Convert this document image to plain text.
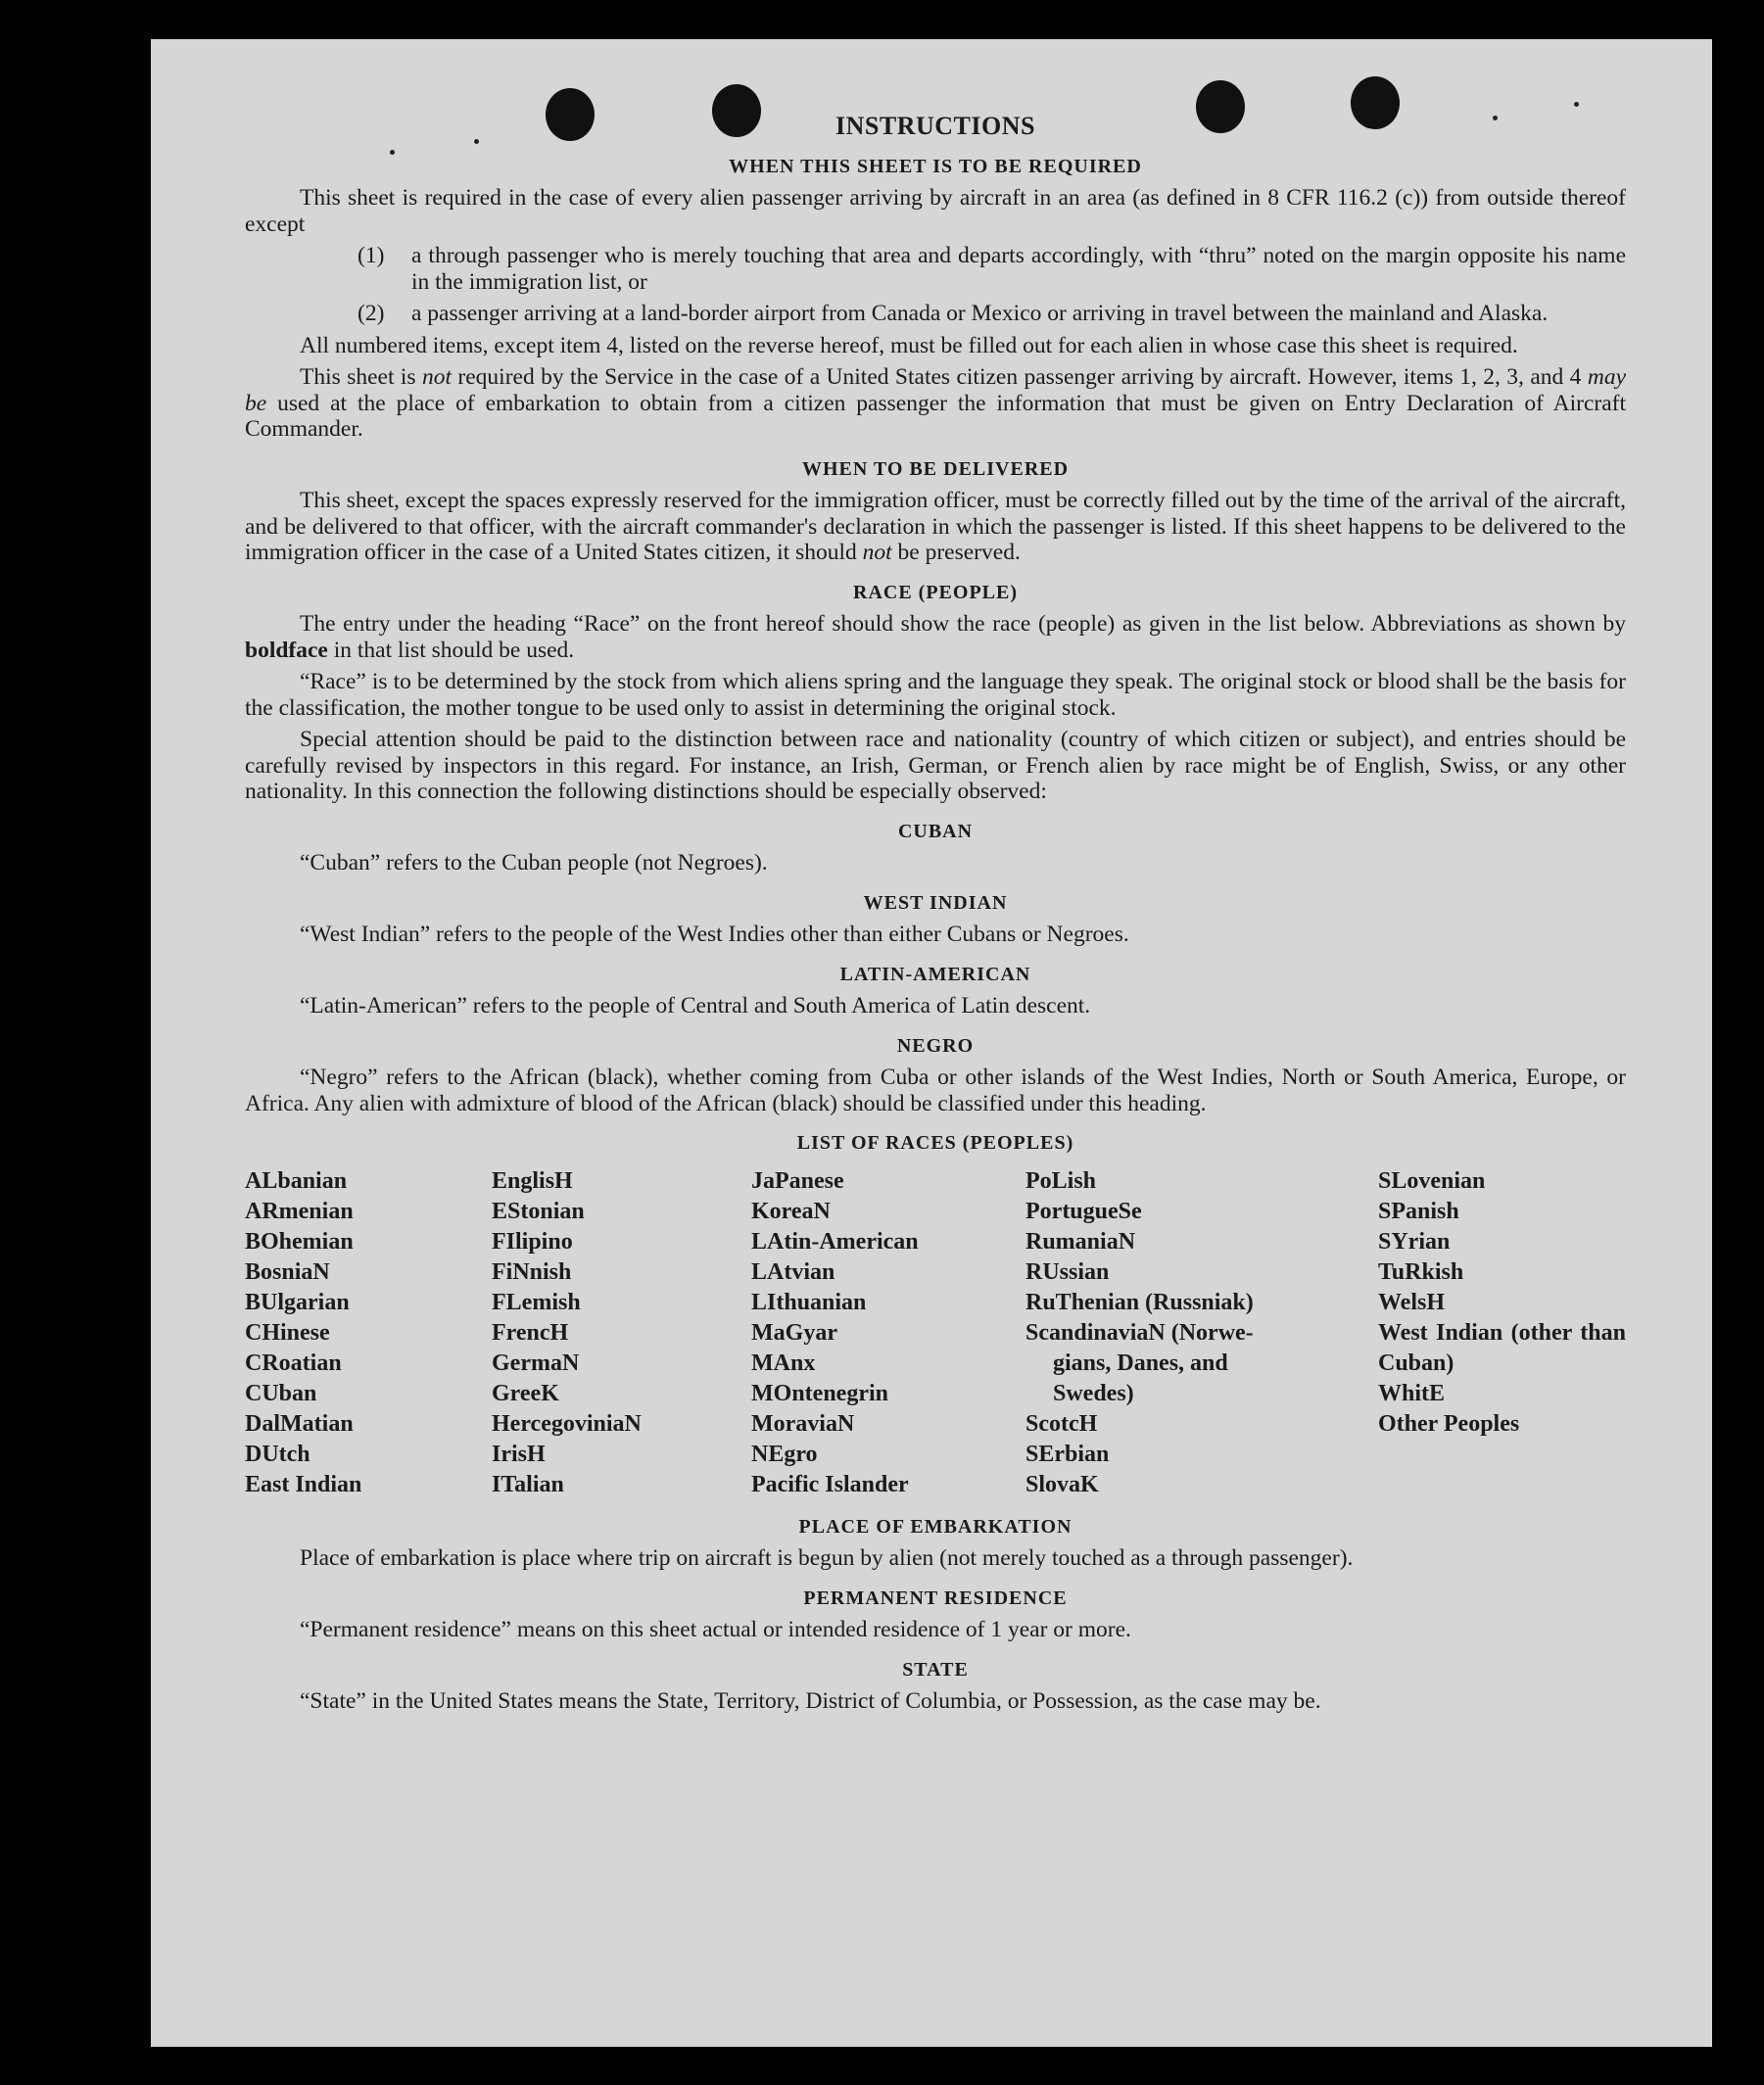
INSTRUCTIONS
WHEN THIS SHEET IS TO BE REQUIRED

This sheet is required in the case of every alien passenger arriving by aircraft in an area (as defined in 8 CFR 116.2 (c)) from outside thereof except

(1)	a through passenger who is merely touching that area and departs accordingly, with “thru” noted on the margin opposite his name in the immigration list, or
(2)	a passenger arriving at a land-border airport from Canada or Mexico or arriving in travel between the mainland and Alaska.

All numbered items, except item 4, listed on the reverse hereof, must be filled out for each alien in whose case this sheet is required.

This sheet is not required by the Service in the case of a United States citizen passenger arriving by aircraft. However, items 1, 2, 3, and 4 may be used at the place of embarkation to obtain from a citizen passenger the information that must be given on Entry Declaration of Aircraft Commander.

WHEN TO BE DELIVERED

This sheet, except the spaces expressly reserved for the immigration officer, must be correctly filled out by the time of the arrival of the aircraft, and be delivered to that officer, with the aircraft commander's declaration in which the passenger is listed. If this sheet happens to be delivered to the immigration officer in the case of a United States citizen, it should not be preserved.

RACE (PEOPLE)

The entry under the heading “Race” on the front hereof should show the race (people) as given in the list below. Abbreviations as shown by boldface in that list should be used.

“Race” is to be determined by the stock from which aliens spring and the language they speak. The original stock or blood shall be the basis for the classification, the mother tongue to be used only to assist in determining the original stock.

Special attention should be paid to the distinction between race and nationality (country of which citizen or subject), and entries should be carefully revised by inspectors in this regard. For instance, an Irish, German, or French alien by race might be of English, Swiss, or any other nationality. In this connection the following distinctions should be especially observed:

CUBAN

“Cuban” refers to the Cuban people (not Negroes).

WEST INDIAN

“West Indian” refers to the people of the West Indies other than either Cubans or Negroes.

LATIN-AMERICAN

“Latin-American” refers to the people of Central and South America of Latin descent.

NEGRO

“Negro” refers to the African (black), whether coming from Cuba or other islands of the West Indies, North or South America, Europe, or Africa. Any alien with admixture of blood of the African (black) should be classified under this heading.

LIST OF RACES (PEOPLES)
ALbanian
ARmenian
BOhemian
BosniaN
BUlgarian
CHinese
CRoatian
CUban
DalMatian
DUtch
East Indian
EnglisH
EStonian
FIlipino
FiNnish
FLemish
FrencH
GermaN
GreeK
HercegoviniaN
IrisH
ITalian
JaPanese
KoreaN
LAtin-American
LAtvian
LIthuanian
MaGyar
MAnx
MOntenegrin
MoraviaN
NEgro
Pacific Islander
PoLish
PortugueSe
RumaniaN
RUssian
RuThenian (Russniak)
ScandinaviaN (Norwe-
gians, Danes, and
Swedes)
ScotcH
SErbian
SlovaK
SLovenian
SPanish
SYrian
TuRkish
WelsH
West Indian (other than Cuban)
WhitE
Other Peoples
PLACE OF EMBARKATION

Place of embarkation is place where trip on aircraft is begun by alien (not merely touched as a through passenger).

PERMANENT RESIDENCE

“Permanent residence” means on this sheet actual or intended residence of 1 year or more.

STATE

“State” in the United States means the State, Territory, District of Columbia, or Possession, as the case may be.
